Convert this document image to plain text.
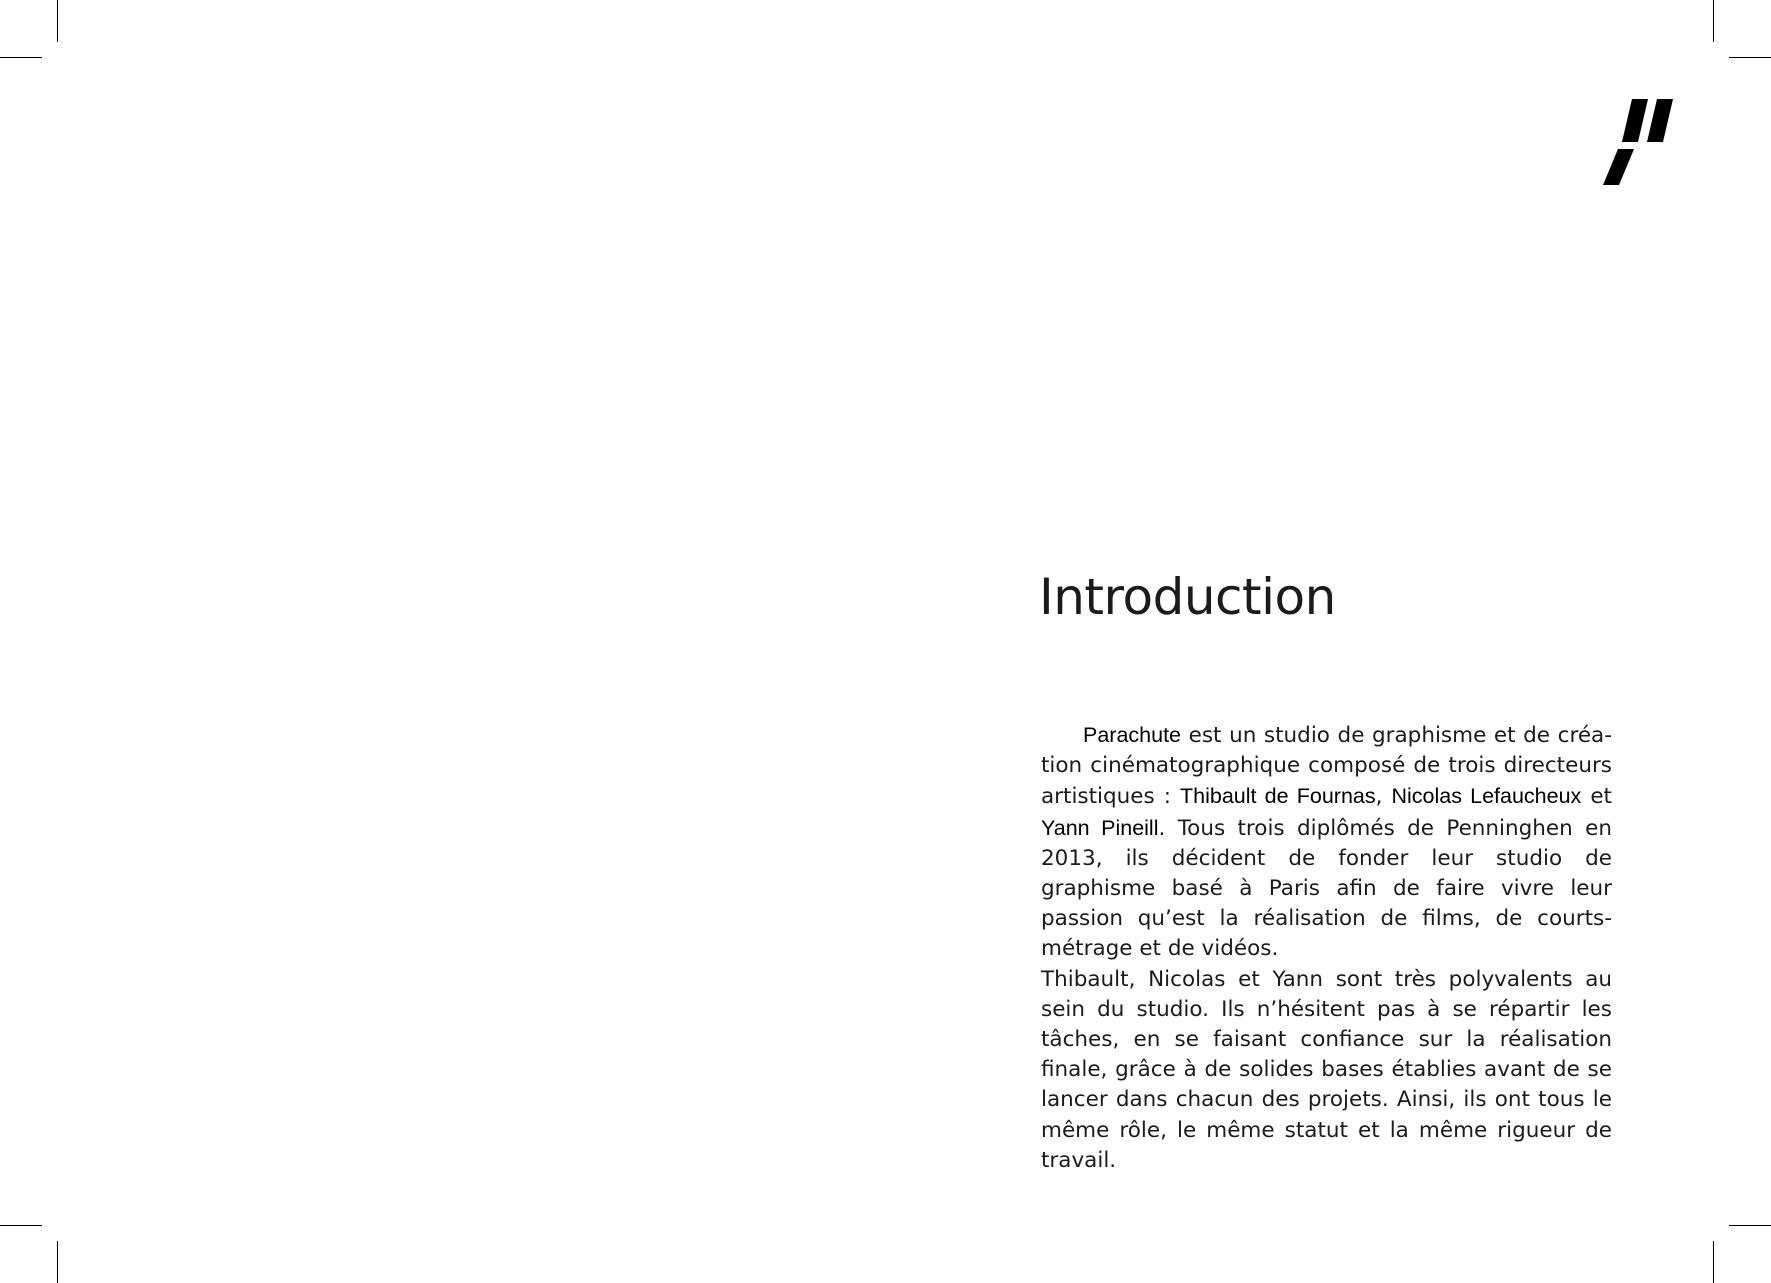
Introduction

Parachute est un studio de graphisme et de création cinématographique composé de trois directeurs artistiques : Thibault de Fournas, Nicolas Lefaucheux et Yann Pineill. Tous trois diplômés de Penninghen en 2013, ils décident de fonder leur studio de graphisme basé à Paris afin de faire vivre leur passion qu’est la réalisation de films, de courts-métrage et de vidéos.

Thibault, Nicolas et Yann sont très polyvalents au sein du studio. Ils n’hésitent pas à se répartir les tâches, en se faisant confiance sur la réalisation finale, grâce à de solides bases établies avant de se lancer dans chacun des projets. Ainsi, ils ont tous le même rôle, le même statut et la même rigueur de travail.
